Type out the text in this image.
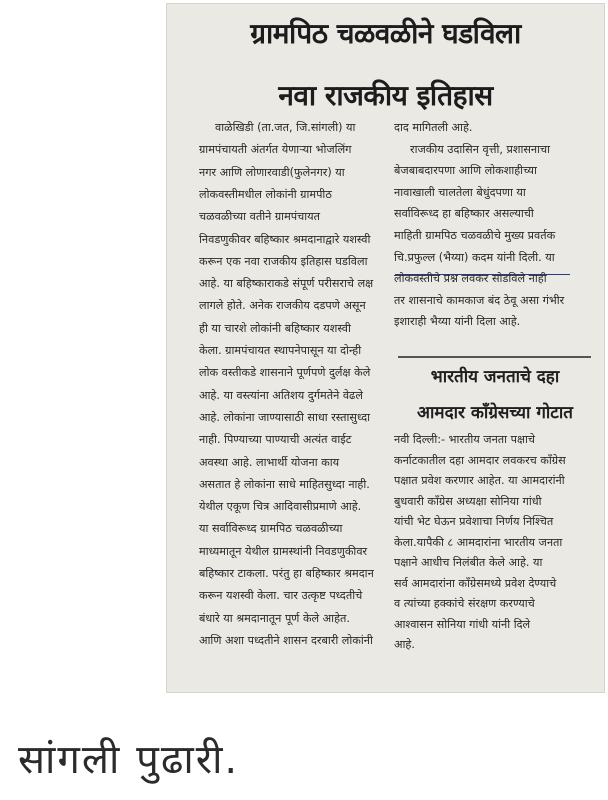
ग्रामपिठ चळवळीने घडविला
नवा राजकीय इतिहास
वाळेखिडी (ता.जत, जि.सांगली) या
ग्रामपंचायती अंतर्गत येणाऱ्या भोजलिंग
नगर आणि लोणारवाडी(फुलेनगर) या
लोकवस्तीमधील लोकांनी ग्रामपीठ
चळवळीच्या वतीने ग्रामपंचायत
निवडणुकीवर बहिष्कार श्रमदानाद्वारे यशस्वी
करून एक नवा राजकीय इतिहास घडविला
आहे. या बहिष्काराकडे संपूर्ण परीसराचे लक्ष
लागले होते. अनेक राजकीय दडपणे असून
ही या चारशे लोकांनी बहिष्कार यशस्वी
केला. ग्रामपंचायत स्थापनेपासून या दोन्ही
लोक वस्तीकडे शासनाने पूर्णपणे दुर्लक्ष केले
आहे. या वस्त्यांना अतिशय दुर्गमतेने वेढले
आहे. लोकांना जाण्यासाठी साधा रस्तासुध्दा
नाही. पिण्याच्या पाण्याची अत्यंत वाईट
अवस्था आहे. लाभार्थी योजना काय
असतात हे लोकांना साधे माहितसुध्दा नाही.
येथील एकूण चित्र आदिवासीप्रमाणे आहे.
या सर्वाविरूध्द ग्रामपिठ चळवळीच्या
माध्यमातून येथील ग्रामस्थांनी निवडणुकीवर
बहिष्कार टाकला. परंतु हा बहिष्कार श्रमदान
करून यशस्वी केला. चार उत्कृष्ट पध्दतीचे
बंधारे या श्रमदानातून पूर्ण केले आहेत.
आणि अशा पध्दतीने शासन दरबारी लोकांनी
दाद मागितली आहे.
राजकीय उदासिन वृत्ती, प्रशासनाचा
बेजबाबदारपणा आणि लोकशाहीच्या
नावाखाली चालतेला बेधुंदपणा या
सर्वाविरूध्द हा बहिष्कार असल्याची
माहिती ग्रामपिठ चळवळीचे मुख्य प्रवर्तक
चि.प्रफुल्ल (भैय्या) कदम यांनी दिली. या
लोकवस्तीचे प्रश्न लवकर सोडविले नाही
तर शासनाचे कामकाज बंद ठेवू असा गंभीर
इशाराही भैय्या यांनी दिला आहे.
भारतीय जनताचे दहा
आमदार काँग्रेसच्या गोटात
नवी दिल्ली:- भारतीय जनता पक्षाचे
कर्नाटकातील दहा आमदार लवकरच काँग्रेस
पक्षात प्रवेश करणार आहेत. या आमदारांनी
बुधवारी काँग्रेस अध्यक्षा सोनिया गांधी
यांची भेट घेऊन प्रवेशाचा निर्णय निश्चित
केला.यापैकी ८ आमदारांना भारतीय जनता
पक्षाने आधीच निलंबीत केले आहे. या
सर्व आमदारांना काँग्रेसमध्ये प्रवेश देण्याचे
व त्यांच्या हक्कांचे संरक्षण करण्याचे
आश्वासन सोनिया गांधी यांनी दिले
आहे.
सांगली पुढारी.
